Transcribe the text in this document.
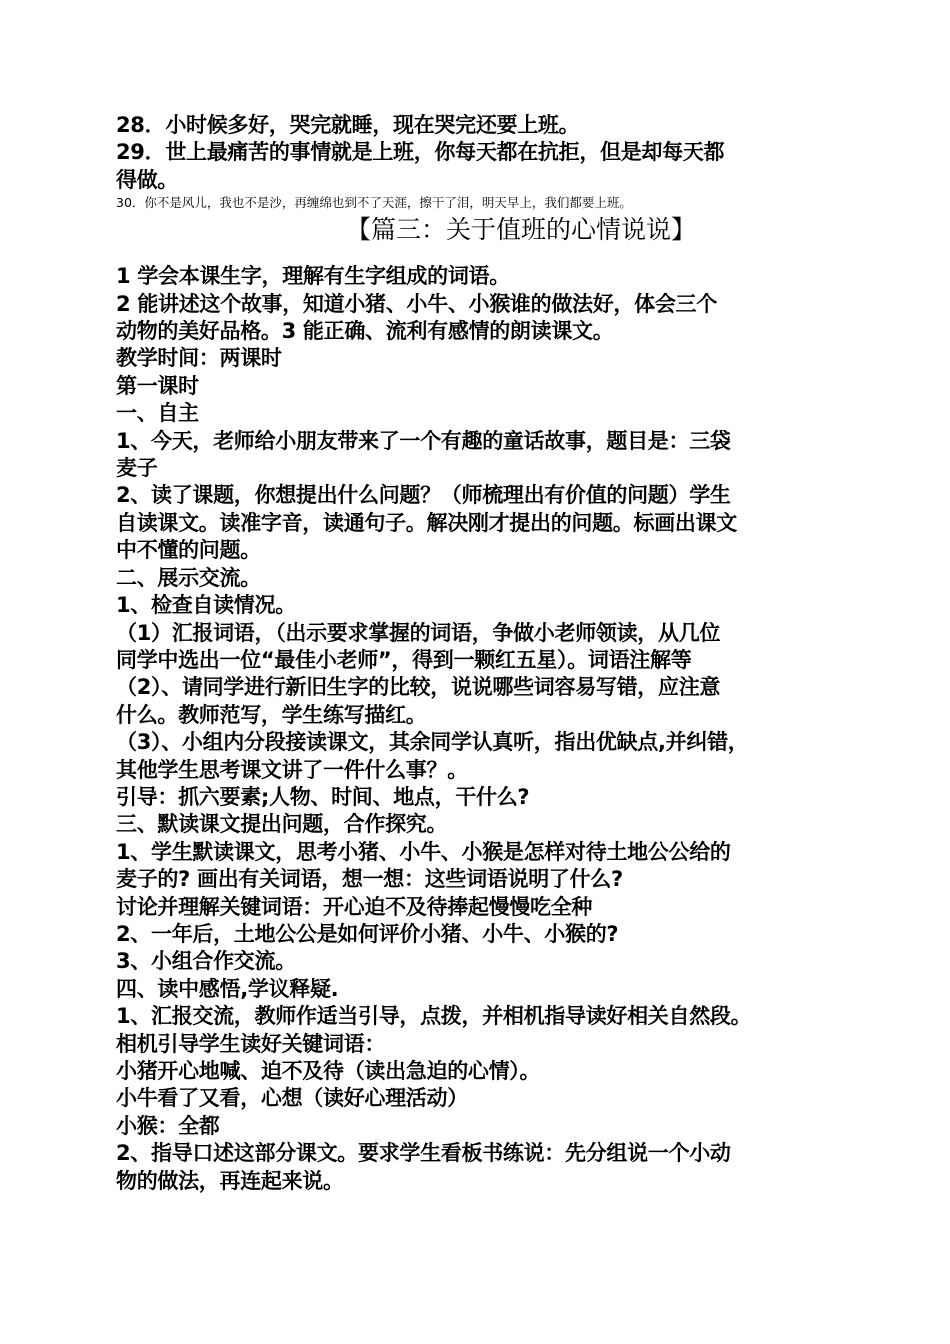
28．小时候多好，哭完就睡，现在哭完还要上班。
29．世上最痛苦的事情就是上班，你每天都在抗拒，但是却每天都
得做。
30．你不是风儿，我也不是沙，再缠绵也到不了天涯，擦干了泪，明天早上，我们都要上班。
【篇三：关于值班的心情说说】
1 学会本课生字，理解有生字组成的词语。
2 能讲述这个故事，知道小猪、小牛、小猴谁的做法好，体会三个
动物的美好品格。3 能正确、流利有感情的朗读课文。
教学时间：两课时
第一课时
一、自主
1、今天，老师给小朋友带来了一个有趣的童话故事，题目是：三袋
麦子
2、读了课题，你想提出什么问题？（师梳理出有价值的问题）学生
自读课文。读准字音，读通句子。解决刚才提出的问题。标画出课文
中不懂的问题。
二、展示交流。
1、检查自读情况。
（1）汇报词语，（出示要求掌握的词语，争做小老师领读，从几位
同学中选出一位“最佳小老师”，得到一颗红五星）。词语注解等
（2）、请同学进行新旧生字的比较，说说哪些词容易写错，应注意
什么。教师范写，学生练写描红。
（3）、小组内分段接读课文，其余同学认真听，指出优缺点,并纠错，
其他学生思考课文讲了一件什么事？。
引导：抓六要素;人物、时间、地点，干什么?
三、默读课文提出问题，合作探究。
1、学生默读课文，思考小猪、小牛、小猴是怎样对待土地公公给的
麦子的? 画出有关词语，想一想：这些词语说明了什么?
讨论并理解关键词语：开心迫不及待捧起慢慢吃全种
2、一年后，土地公公是如何评价小猪、小牛、小猴的?
3、小组合作交流。
四、读中感悟,学议释疑.
1、汇报交流，教师作适当引导，点拨，并相机指导读好相关自然段。
相机引导学生读好关键词语：
小猪开心地喊、迫不及待（读出急迫的心情）。
小牛看了又看，心想（读好心理活动）
小猴：全都
2、指导口述这部分课文。要求学生看板书练说：先分组说一个小动
物的做法，再连起来说。
